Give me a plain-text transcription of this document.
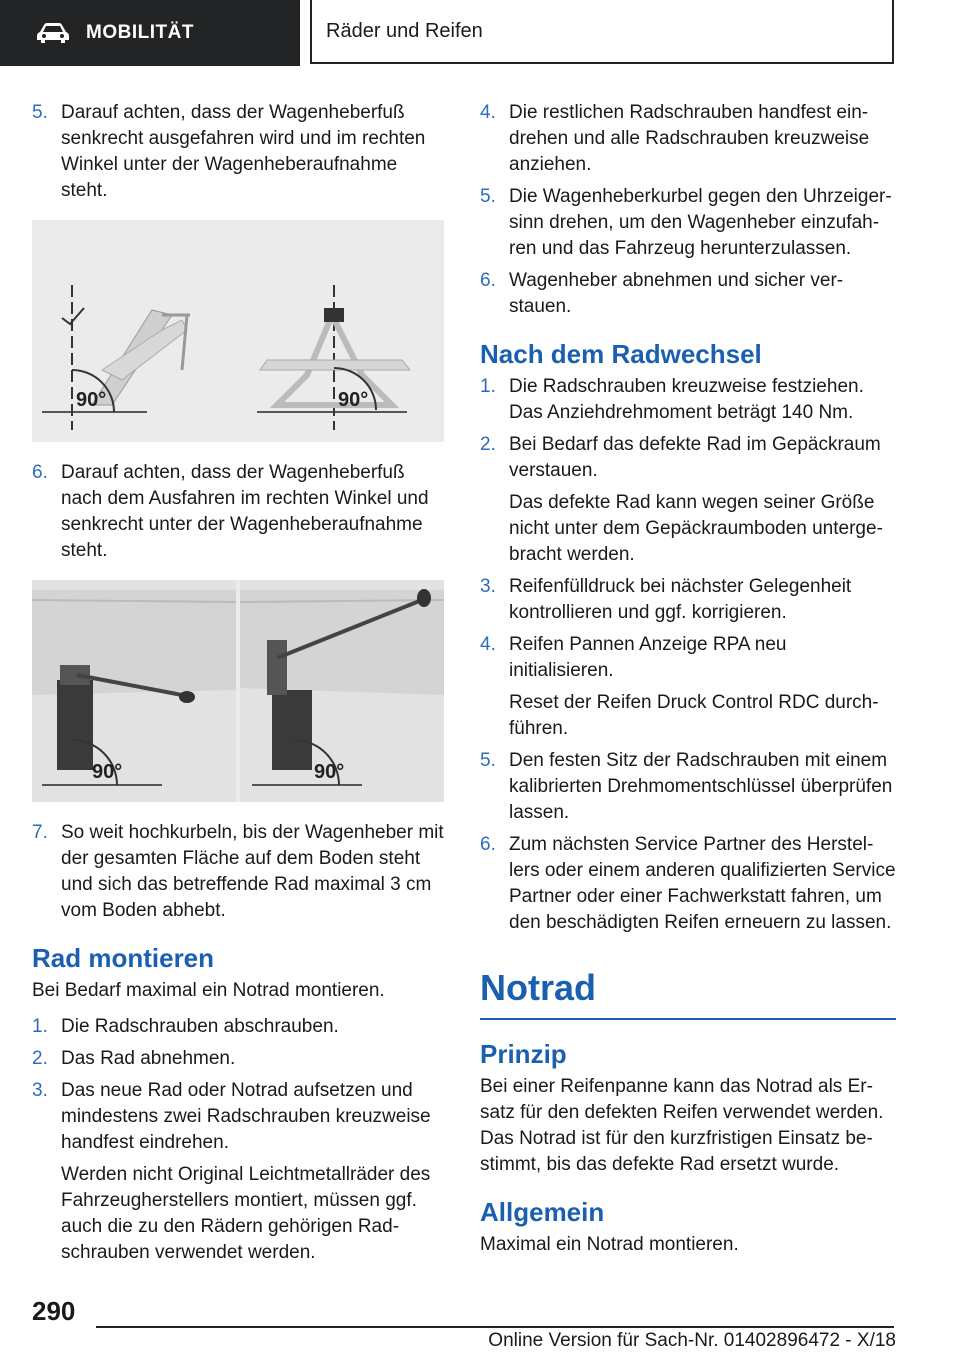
MOBILITÄT	Räder und Reifen
5. Darauf achten, dass der Wagenheberfuß senkrecht ausgefahren wird und im rechten Winkel unter der Wagenheberaufnahme steht.

90°	90°
6. Darauf achten, dass der Wagenheberfuß nach dem Ausfahren im rechten Winkel und senkrecht unter der Wagenheberaufnahme steht.

90°	90°
7. So weit hochkurbeln, bis der Wagenheber mit der gesamten Fläche auf dem Boden steht und sich das betreffende Rad maximal 3 cm vom Boden abhebt.

Rad montieren

Bei Bedarf maximal ein Notrad montieren.

1. Die Radschrauben abschrauben.

2. Das Rad abnehmen.

3. Das neue Rad oder Notrad aufsetzen und mindestens zwei Radschrauben kreuzweise handfest eindrehen.

Werden nicht Original Leichtmetallräder des Fahrzeugherstellers montiert, müssen ggf. auch die zu den Rädern gehörigen Radschrauben verwendet werden.

4. Die restlichen Radschrauben handfest eindrehen und alle Radschrauben kreuzweise anziehen.

5. Die Wagenheberkurbel gegen den Uhrzeigersinn drehen, um den Wagenheber einzufahren und das Fahrzeug herunterzulassen.

6. Wagenheber abnehmen und sicher verstauen.

Nach dem Radwechsel
1. Die Radschrauben kreuzweise festziehen. Das Anziehdrehmoment beträgt 140 Nm.

2. Bei Bedarf das defekte Rad im Gepäckraum verstauen.

Das defekte Rad kann wegen seiner Größe nicht unter dem Gepäckraumboden untergebracht werden.

3. Reifenfülldruck bei nächster Gelegenheit kontrollieren und ggf. korrigieren.

4. Reifen Pannen Anzeige RPA neu initialisieren.

Reset der Reifen Druck Control RDC durchführen.

5. Den festen Sitz der Radschrauben mit einem kalibrierten Drehmomentschlüssel überprüfen lassen.

6. Zum nächsten Service Partner des Herstellers oder einem anderen qualifizierten Service Partner oder einer Fachwerkstatt fahren, um den beschädigten Reifen erneuern zu lassen.

Notrad
Prinzip

Bei einer Reifenpanne kann das Notrad als Ersatz für den defekten Reifen verwendet werden. Das Notrad ist für den kurzfristigen Einsatz bestimmt, bis das defekte Rad ersetzt wurde.

Allgemein

Maximal ein Notrad montieren.

290
Online Version für Sach-Nr. 01402896472 - X/18
